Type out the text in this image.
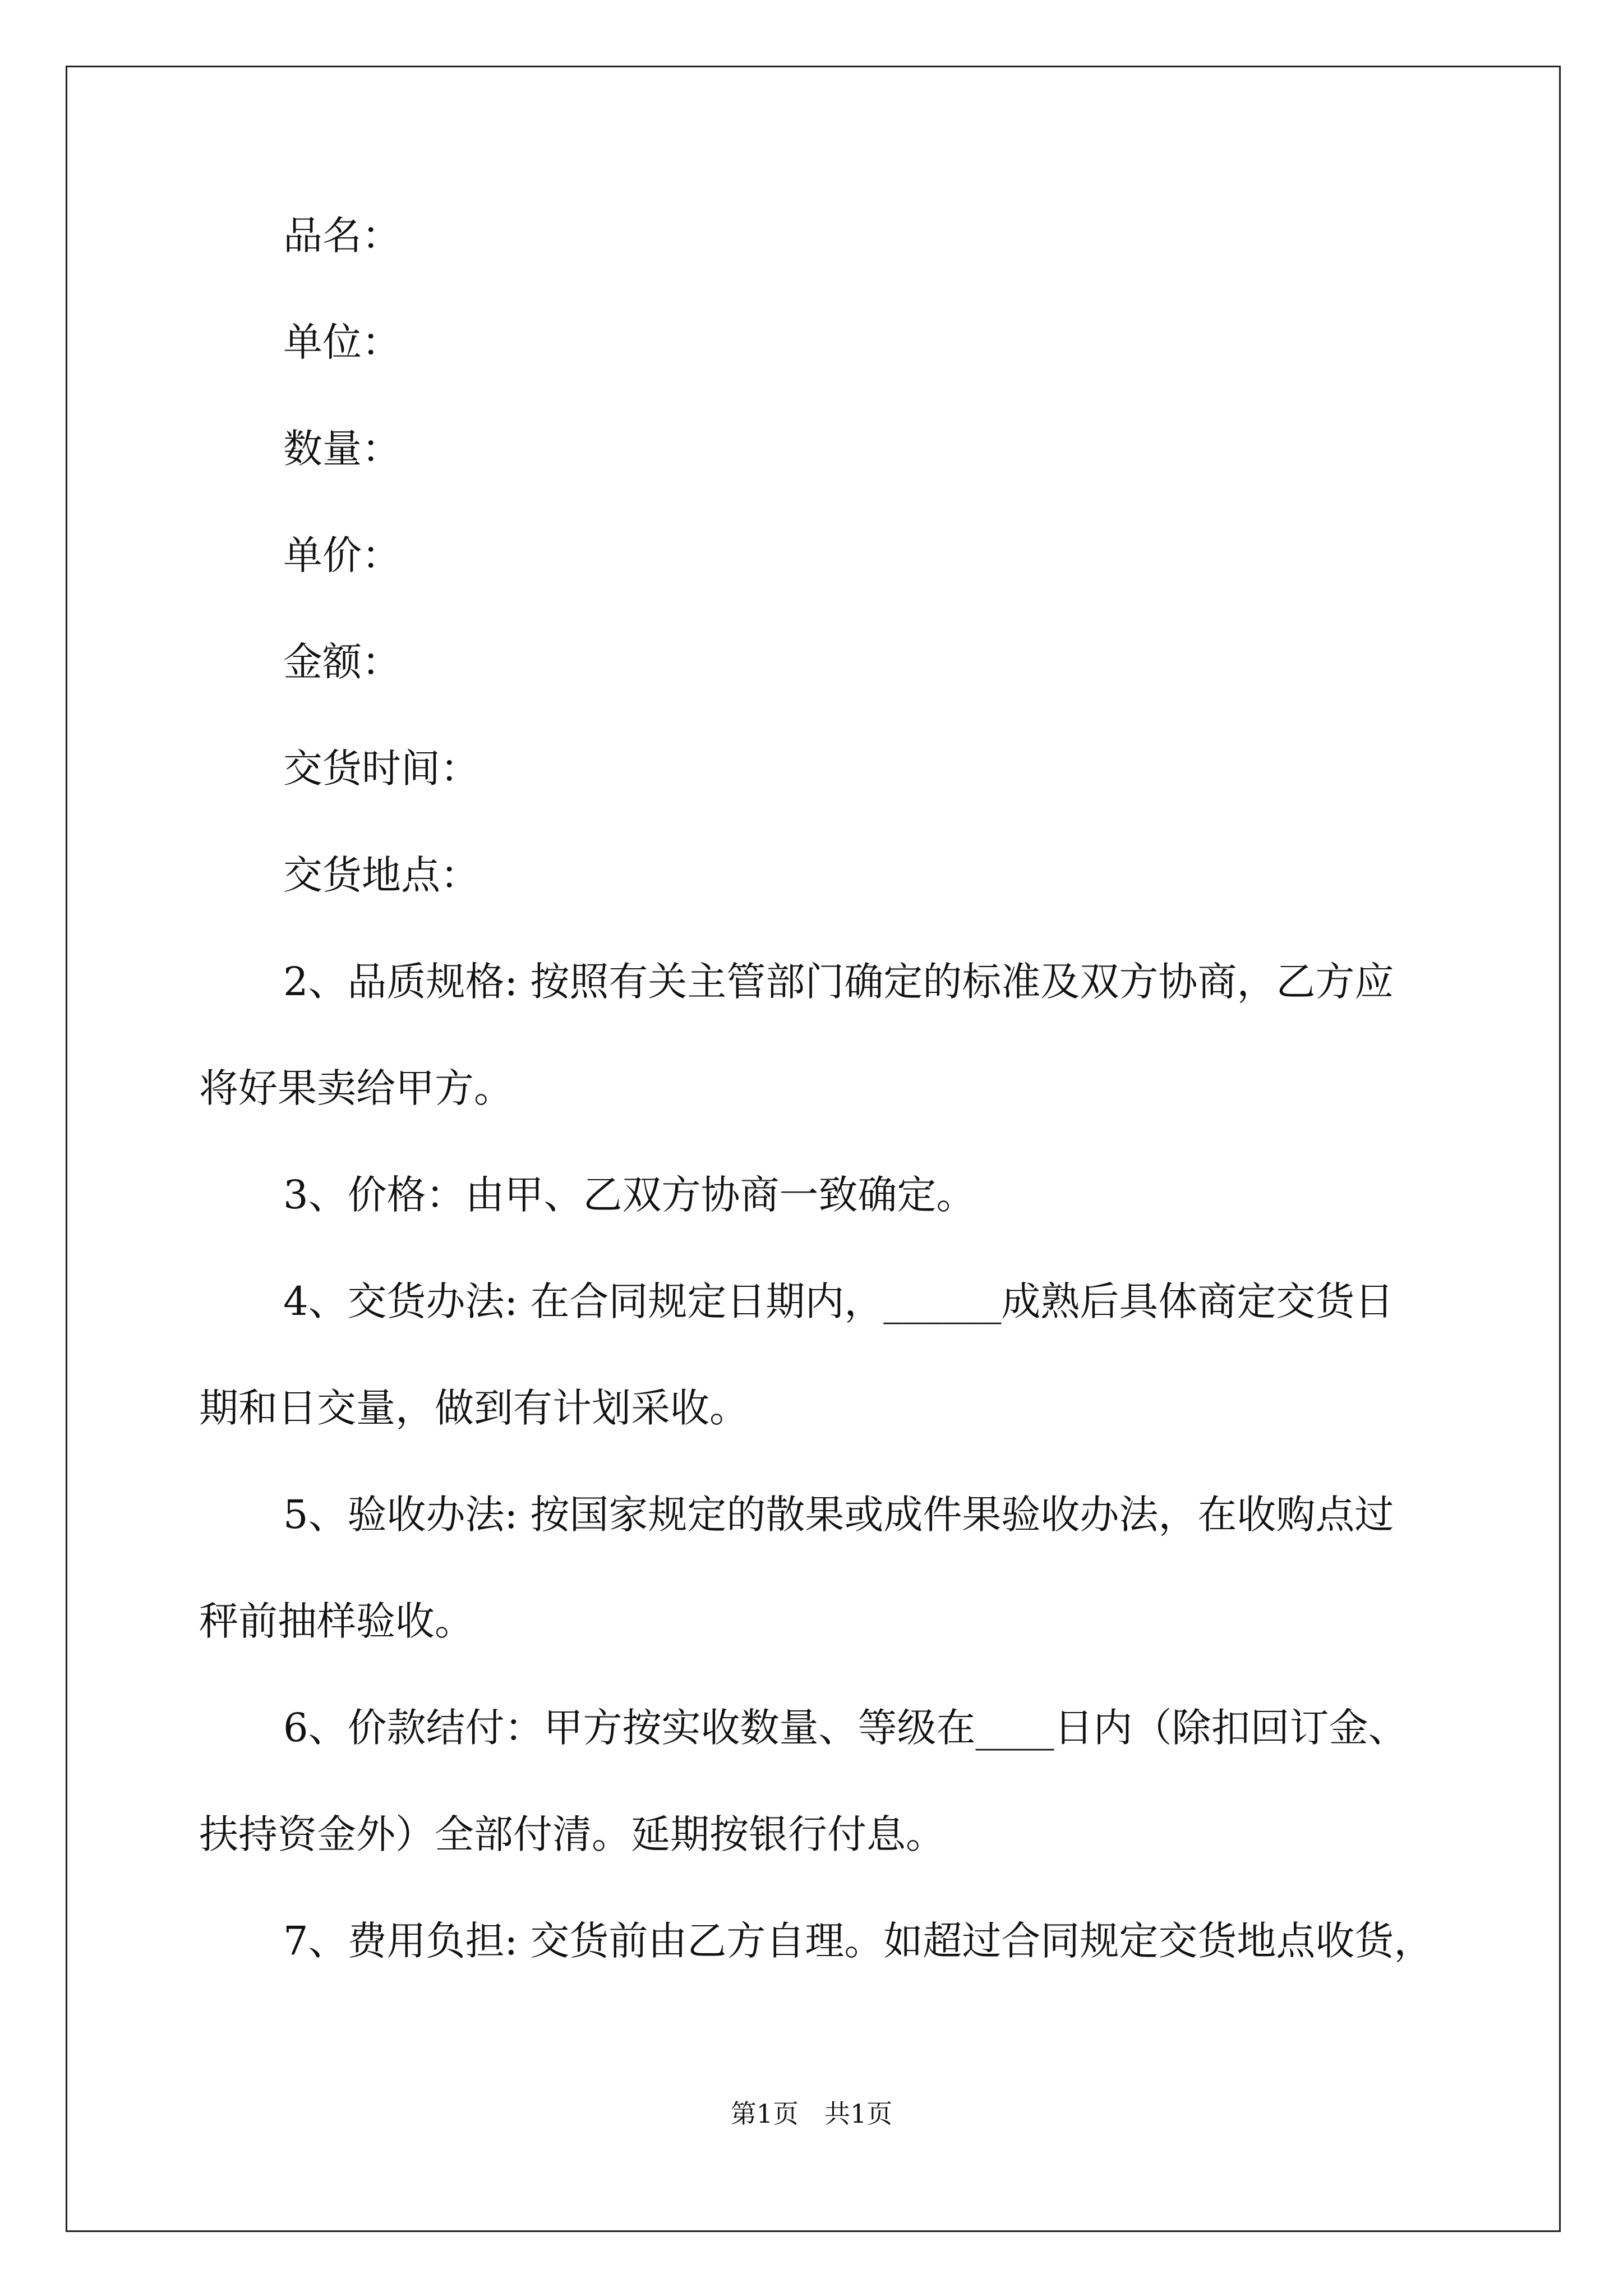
品名：
单位：
数量：
单价：
金额：
交货时间：
交货地点：
2、品质规格: 按照有关主管部门确定的标准及双方协商，乙方应
将好果卖给甲方。
3、价格：由甲、乙双方协商一致确定。
4、交货办法: 在合同规定日期内，______成熟后具体商定交货日
期和日交量，做到有计划采收。
5、验收办法: 按国家规定的散果或成件果验收办法，在收购点过
秤前抽样验收。
6、价款结付：甲方按实收数量、等级在____日内（除扣回订金、
扶持资金外）全部付清。延期按银行付息。
7、费用负担: 交货前由乙方自理。如超过合同规定交货地点收货，
第1页　共1页
